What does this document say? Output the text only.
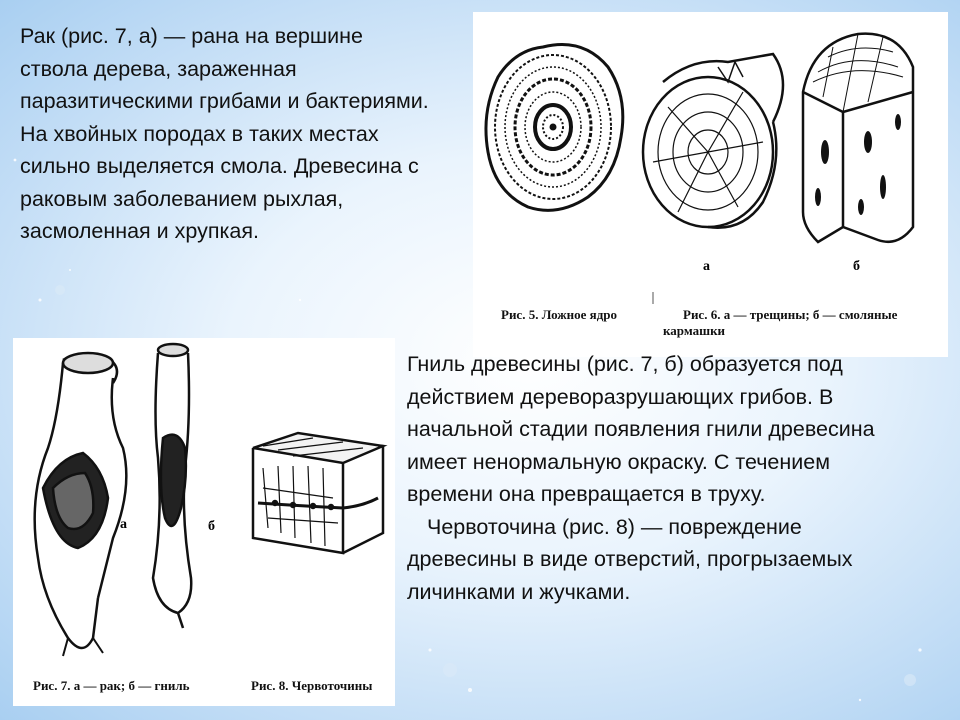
Рак (рис. 7, а) — рана на вершине
ствола дерева, зараженная
паразитическими грибами и бактериями.
На хвойных породах в таких местах
сильно выделяется смола. Древесина с
раковым заболеванием рыхлая,
засмоленная и хрупкая.
а	б
Рис. 5. Ложное ядро	Рис. 6. а — трещины; б — смоляные
кармашки
а	б
Рис. 7. а — рак; б — гниль	Рис. 8. Червоточины
Гниль древесины (рис. 7, б) образуется под
действием дереворазрушающих грибов. В
начальной стадии появления гнили древесина
имеет ненормальную окраску. С течением
времени она превращается в труху.
Червоточина (рис. 8) — повреждение
древесины в виде отверстий, прогрызаемых
личинками и жучками.
